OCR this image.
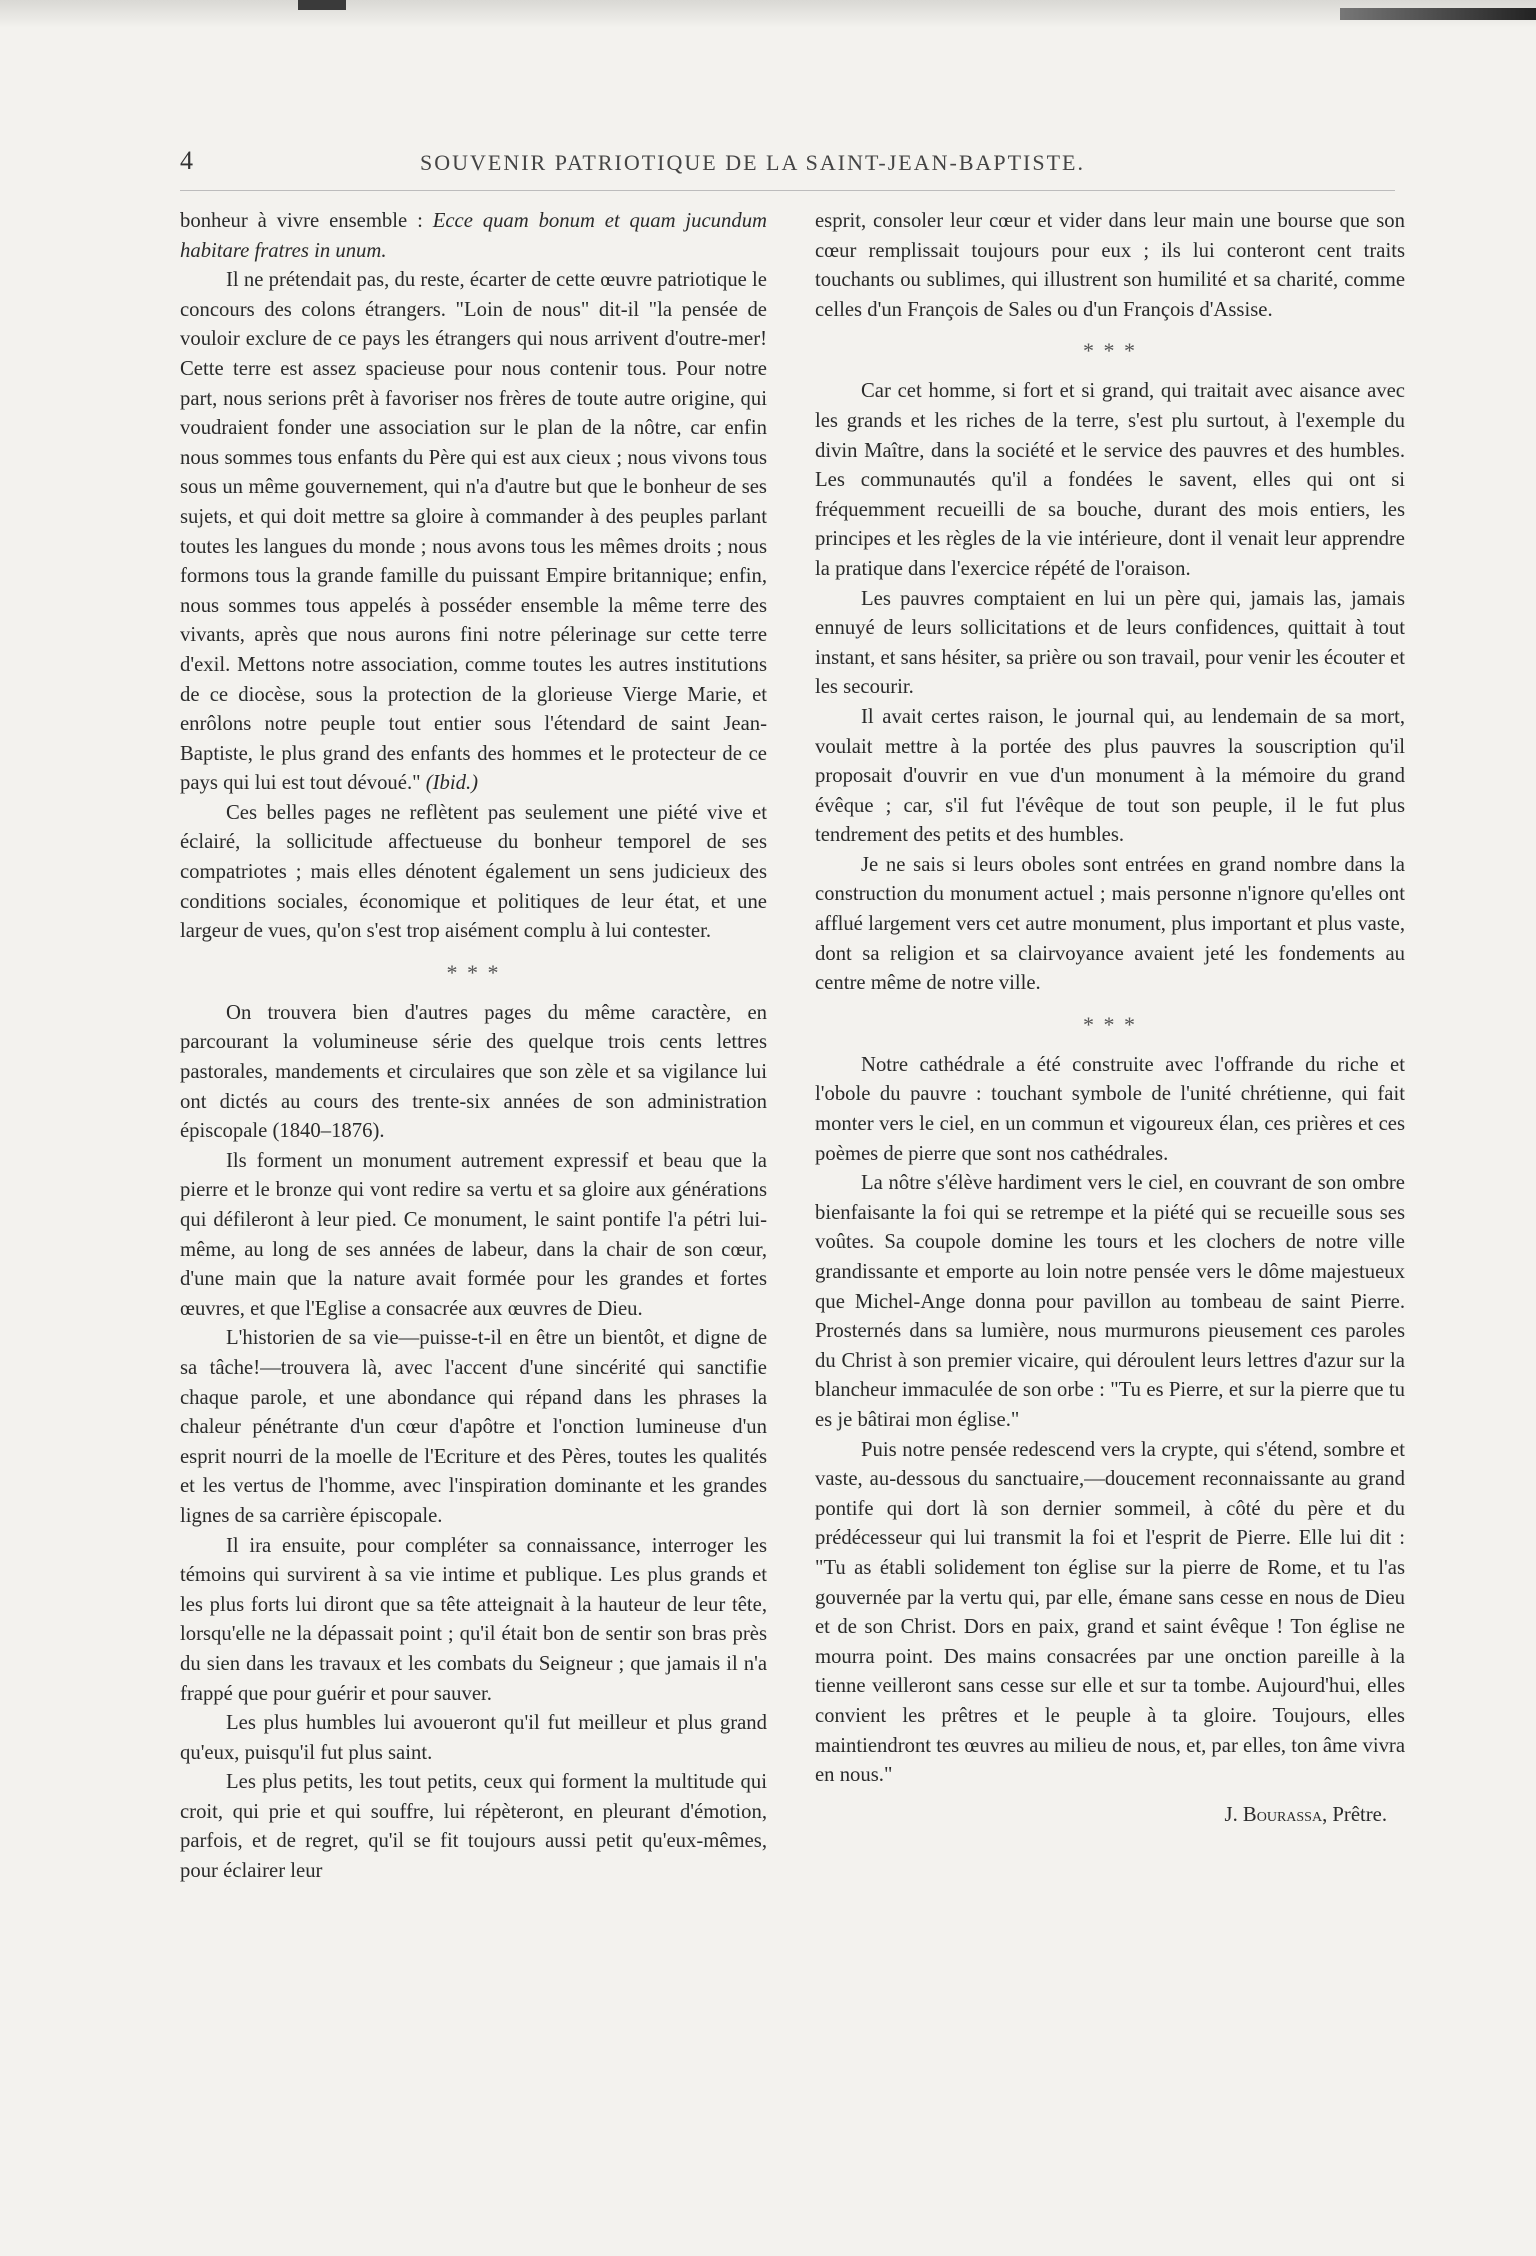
4	SOUVENIR PATRIOTIQUE DE LA SAINT-JEAN-BAPTISTE.

bonheur à vivre ensemble : Ecce quam bonum et quam jucundum habitare fratres in unum.

Il ne prétendait pas, du reste, écarter de cette œuvre patriotique le concours des colons étrangers. "Loin de nous" dit-il "la pensée de vouloir exclure de ce pays les étrangers qui nous arrivent d'outre-mer! Cette terre est assez spacieuse pour nous contenir tous. Pour notre part, nous serions prêt à favoriser nos frères de toute autre origine, qui voudraient fonder une association sur le plan de la nôtre, car enfin nous sommes tous enfants du Père qui est aux cieux ; nous vivons tous sous un même gouvernement, qui n'a d'autre but que le bonheur de ses sujets, et qui doit mettre sa gloire à commander à des peuples parlant toutes les langues du monde ; nous avons tous les mêmes droits ; nous formons tous la grande famille du puissant Empire britannique; enfin, nous sommes tous appelés à posséder ensemble la même terre des vivants, après que nous aurons fini notre pélerinage sur cette terre d'exil. Mettons notre association, comme toutes les autres institutions de ce diocèse, sous la protection de la glorieuse Vierge Marie, et enrôlons notre peuple tout entier sous l'étendard de saint Jean-Baptiste, le plus grand des enfants des hommes et le protecteur de ce pays qui lui est tout dévoué." (Ibid.)

Ces belles pages ne reflètent pas seulement une piété vive et éclairé, la sollicitude affectueuse du bonheur temporel de ses compatriotes ; mais elles dénotent également un sens judicieux des conditions sociales, économique et politiques de leur état, et une largeur de vues, qu'on s'est trop aisément complu à lui contester.

* * *

On trouvera bien d'autres pages du même caractère, en parcourant la volumineuse série des quelque trois cents lettres pastorales, mandements et circulaires que son zèle et sa vigilance lui ont dictés au cours des trente-six années de son administration épiscopale (1840–1876).

Ils forment un monument autrement expressif et beau que la pierre et le bronze qui vont redire sa vertu et sa gloire aux générations qui défileront à leur pied. Ce monument, le saint pontife l'a pétri lui-même, au long de ses années de labeur, dans la chair de son cœur, d'une main que la nature avait formée pour les grandes et fortes œuvres, et que l'Eglise a consacrée aux œuvres de Dieu.

L'historien de sa vie—puisse-t-il en être un bientôt, et digne de sa tâche!—trouvera là, avec l'accent d'une sincérité qui sanctifie chaque parole, et une abondance qui répand dans les phrases la chaleur pénétrante d'un cœur d'apôtre et l'onction lumineuse d'un esprit nourri de la moelle de l'Ecriture et des Pères, toutes les qualités et les vertus de l'homme, avec l'inspiration dominante et les grandes lignes de sa carrière épiscopale.

Il ira ensuite, pour compléter sa connaissance, interroger les témoins qui survirent à sa vie intime et publique. Les plus grands et les plus forts lui diront que sa tête atteignait à la hauteur de leur tête, lorsqu'elle ne la dépassait point ; qu'il était bon de sentir son bras près du sien dans les travaux et les combats du Seigneur ; que jamais il n'a frappé que pour guérir et pour sauver.

Les plus humbles lui avoueront qu'il fut meilleur et plus grand qu'eux, puisqu'il fut plus saint.

Les plus petits, les tout petits, ceux qui forment la multitude qui croit, qui prie et qui souffre, lui répèteront, en pleurant d'émotion, parfois, et de regret, qu'il se fit toujours aussi petit qu'eux-mêmes, pour éclairer leur

esprit, consoler leur cœur et vider dans leur main une bourse que son cœur remplissait toujours pour eux ; ils lui conteront cent traits touchants ou sublimes, qui illustrent son humilité et sa charité, comme celles d'un François de Sales ou d'un François d'Assise.

* * *

Car cet homme, si fort et si grand, qui traitait avec aisance avec les grands et les riches de la terre, s'est plu surtout, à l'exemple du divin Maître, dans la société et le service des pauvres et des humbles. Les communautés qu'il a fondées le savent, elles qui ont si fréquemment recueilli de sa bouche, durant des mois entiers, les principes et les règles de la vie intérieure, dont il venait leur apprendre la pratique dans l'exercice répété de l'oraison.

Les pauvres comptaient en lui un père qui, jamais las, jamais ennuyé de leurs sollicitations et de leurs confidences, quittait à tout instant, et sans hésiter, sa prière ou son travail, pour venir les écouter et les secourir.

Il avait certes raison, le journal qui, au lendemain de sa mort, voulait mettre à la portée des plus pauvres la souscription qu'il proposait d'ouvrir en vue d'un monument à la mémoire du grand évêque ; car, s'il fut l'évêque de tout son peuple, il le fut plus tendrement des petits et des humbles.

Je ne sais si leurs oboles sont entrées en grand nombre dans la construction du monument actuel ; mais personne n'ignore qu'elles ont afflué largement vers cet autre monument, plus important et plus vaste, dont sa religion et sa clairvoyance avaient jeté les fondements au centre même de notre ville.

* * *

Notre cathédrale a été construite avec l'offrande du riche et l'obole du pauvre : touchant symbole de l'unité chrétienne, qui fait monter vers le ciel, en un commun et vigoureux élan, ces prières et ces poèmes de pierre que sont nos cathédrales.

La nôtre s'élève hardiment vers le ciel, en couvrant de son ombre bienfaisante la foi qui se retrempe et la piété qui se recueille sous ses voûtes. Sa coupole domine les tours et les clochers de notre ville grandissante et emporte au loin notre pensée vers le dôme majestueux que Michel-Ange donna pour pavillon au tombeau de saint Pierre. Prosternés dans sa lumière, nous murmurons pieusement ces paroles du Christ à son premier vicaire, qui déroulent leurs lettres d'azur sur la blancheur immaculée de son orbe : "Tu es Pierre, et sur la pierre que tu es je bâtirai mon église."

Puis notre pensée redescend vers la crypte, qui s'étend, sombre et vaste, au-dessous du sanctuaire,—doucement reconnaissante au grand pontife qui dort là son dernier sommeil, à côté du père et du prédécesseur qui lui transmit la foi et l'esprit de Pierre. Elle lui dit : "Tu as établi solidement ton église sur la pierre de Rome, et tu l'as gouvernée par la vertu qui, par elle, émane sans cesse en nous de Dieu et de son Christ. Dors en paix, grand et saint évêque ! Ton église ne mourra point. Des mains consacrées par une onction pareille à la tienne veilleront sans cesse sur elle et sur ta tombe. Aujourd'hui, elles convient les prêtres et le peuple à ta gloire. Toujours, elles maintiendront tes œuvres au milieu de nous, et, par elles, ton âme vivra en nous."

J. Bourassa, Prêtre.
